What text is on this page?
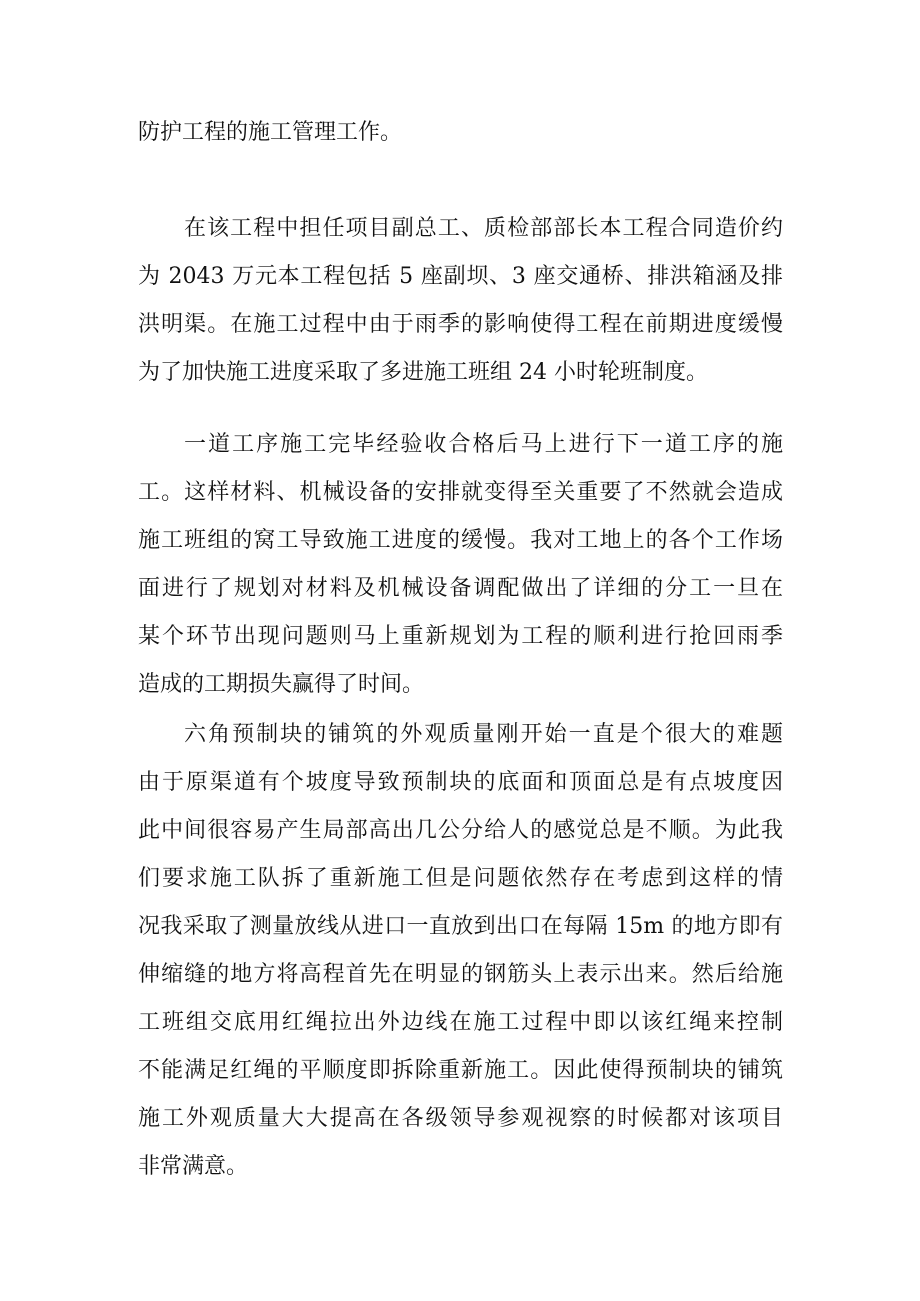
防护工程的施工管理工作。
在该工程中担任项目副总工、质检部部长本工程合同造价约
为 2043 万元本工程包括 5 座副坝、3 座交通桥、排洪箱涵及排
洪明渠。在施工过程中由于雨季的影响使得工程在前期进度缓慢
为了加快施工进度采取了多进施工班组 24 小时轮班制度。
一道工序施工完毕经验收合格后马上进行下一道工序的施
工。这样材料、机械设备的安排就变得至关重要了不然就会造成
施工班组的窝工导致施工进度的缓慢。我对工地上的各个工作场
面进行了规划对材料及机械设备调配做出了详细的分工一旦在
某个环节出现问题则马上重新规划为工程的顺利进行抢回雨季
造成的工期损失赢得了时间。
六角预制块的铺筑的外观质量刚开始一直是个很大的难题
由于原渠道有个坡度导致预制块的底面和顶面总是有点坡度因
此中间很容易产生局部高出几公分给人的感觉总是不顺。为此我
们要求施工队拆了重新施工但是问题依然存在考虑到这样的情
况我采取了测量放线从进口一直放到出口在每隔 15m 的地方即有
伸缩缝的地方将高程首先在明显的钢筋头上表示出来。然后给施
工班组交底用红绳拉出外边线在施工过程中即以该红绳来控制
不能满足红绳的平顺度即拆除重新施工。因此使得预制块的铺筑
施工外观质量大大提高在各级领导参观视察的时候都对该项目
非常满意。
